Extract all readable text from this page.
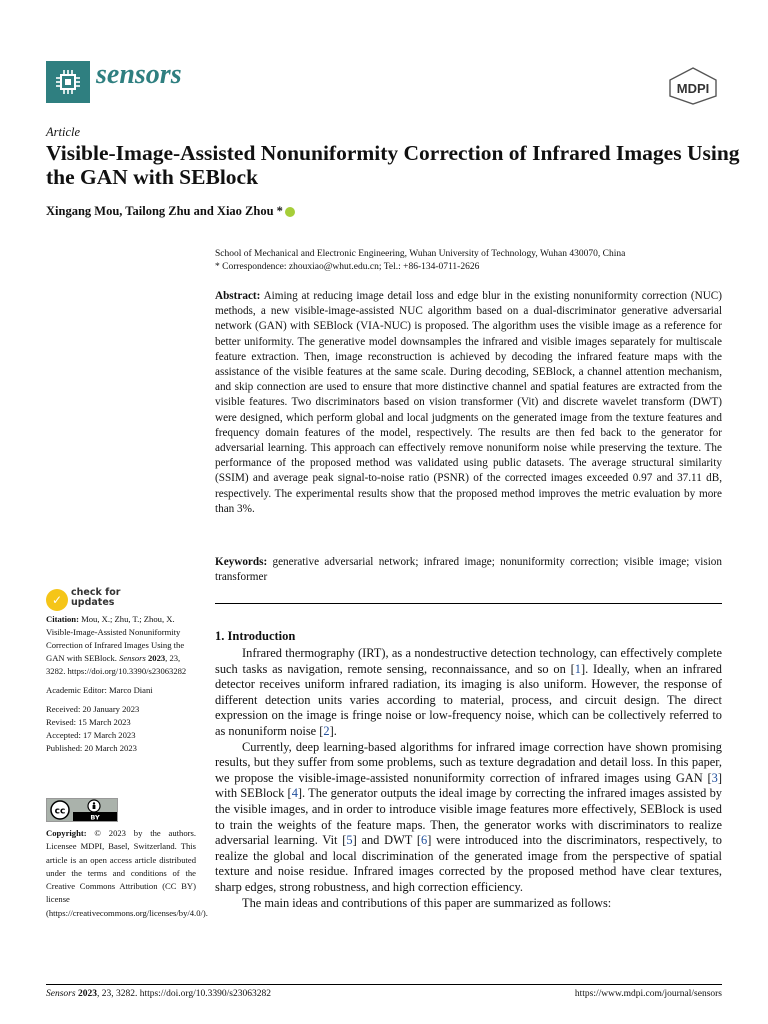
sensors	MDPI
Article
Visible-Image-Assisted Nonuniformity Correction of Infrared Images Using the GAN with SEBlock
Xingang Mou, Tailong Zhu and Xiao Zhou *
School of Mechanical and Electronic Engineering, Wuhan University of Technology, Wuhan 430070, China
* Correspondence: zhouxiao@whut.edu.cn; Tel.: +86-134-0711-2626
Abstract: Aiming at reducing image detail loss and edge blur in the existing nonuniformity correction (NUC) methods, a new visible-image-assisted NUC algorithm based on a dual-discriminator generative adversarial network (GAN) with SEBlock (VIA-NUC) is proposed. The algorithm uses the visible image as a reference for better uniformity. The generative model downsamples the infrared and visible images separately for multiscale feature extraction. Then, image reconstruction is achieved by decoding the infrared feature maps with the assistance of the visible features at the same scale. During decoding, SEBlock, a channel attention mechanism, and skip connection are used to ensure that more distinctive channel and spatial features are extracted from the visible features. Two discriminators based on vision transformer (Vit) and discrete wavelet transform (DWT) were designed, which perform global and local judgments on the generated image from the texture features and frequency domain features of the model, respectively. The results are then fed back to the generator for adversarial learning. This approach can effectively remove nonuniform noise while preserving the texture. The performance of the proposed method was validated using public datasets. The average structural similarity (SSIM) and average peak signal-to-noise ratio (PSNR) of the corrected images exceeded 0.97 and 37.11 dB, respectively. The experimental results show that the proposed method improves the metric evaluation by more than 3%.
Keywords: generative adversarial network; infrared image; nonuniformity correction; visible image; vision transformer
✓
check for
updates

Citation: Mou, X.; Zhu, T.; Zhou, X. Visible-Image-Assisted Nonuniformity Correction of Infrared Images Using the GAN with SEBlock. Sensors 2023, 23, 3282. https://doi.org/10.3390/s23063282

Academic Editor: Marco Diani

Received: 20 January 2023

Revised: 15 March 2023

Accepted: 17 March 2023

Published: 20 March 2023

cc
BY
Copyright: © 2023 by the authors. Licensee MDPI, Basel, Switzerland. This article is an open access article distributed under the terms and conditions of the Creative Commons Attribution (CC BY) license (https://creativecommons.org/licenses/by/4.0/).
1. Introduction

Infrared thermography (IRT), as a nondestructive detection technology, can effectively complete such tasks as navigation, remote sensing, reconnaissance, and so on [1]. Ideally, when an infrared detector receives uniform infrared radiation, its imaging is also uniform. However, the response of different detection units varies according to material, process, and circuit design. The direct expression on the image is fringe noise or low-frequency noise, which can be collectively referred to as nonuniform noise [2].

Currently, deep learning-based algorithms for infrared image correction have shown promising results, but they suffer from some problems, such as texture degradation and detail loss. In this paper, we propose the visible-image-assisted nonuniformity correction of infrared images using GAN [3] with SEBlock [4]. The generator outputs the ideal image by correcting the infrared images assisted by the visible images, and in order to introduce visible image features more effectively, SEBlock is used to train the weights of the feature maps. Then, the generator works with discriminators to realize adversarial learning. Vit [5] and DWT [6] were introduced into the discriminators, respectively, to realize the global and local discrimination of the generated image from the perspective of spatial texture and noise residue. Infrared images corrected by the proposed method have clear textures, sharp edges, strong robustness, and high correction efficiency.

The main ideas and contributions of this paper are summarized as follows:

Sensors 2023, 23, 3282. https://doi.org/10.3390/s23063282	https://www.mdpi.com/journal/sensors
